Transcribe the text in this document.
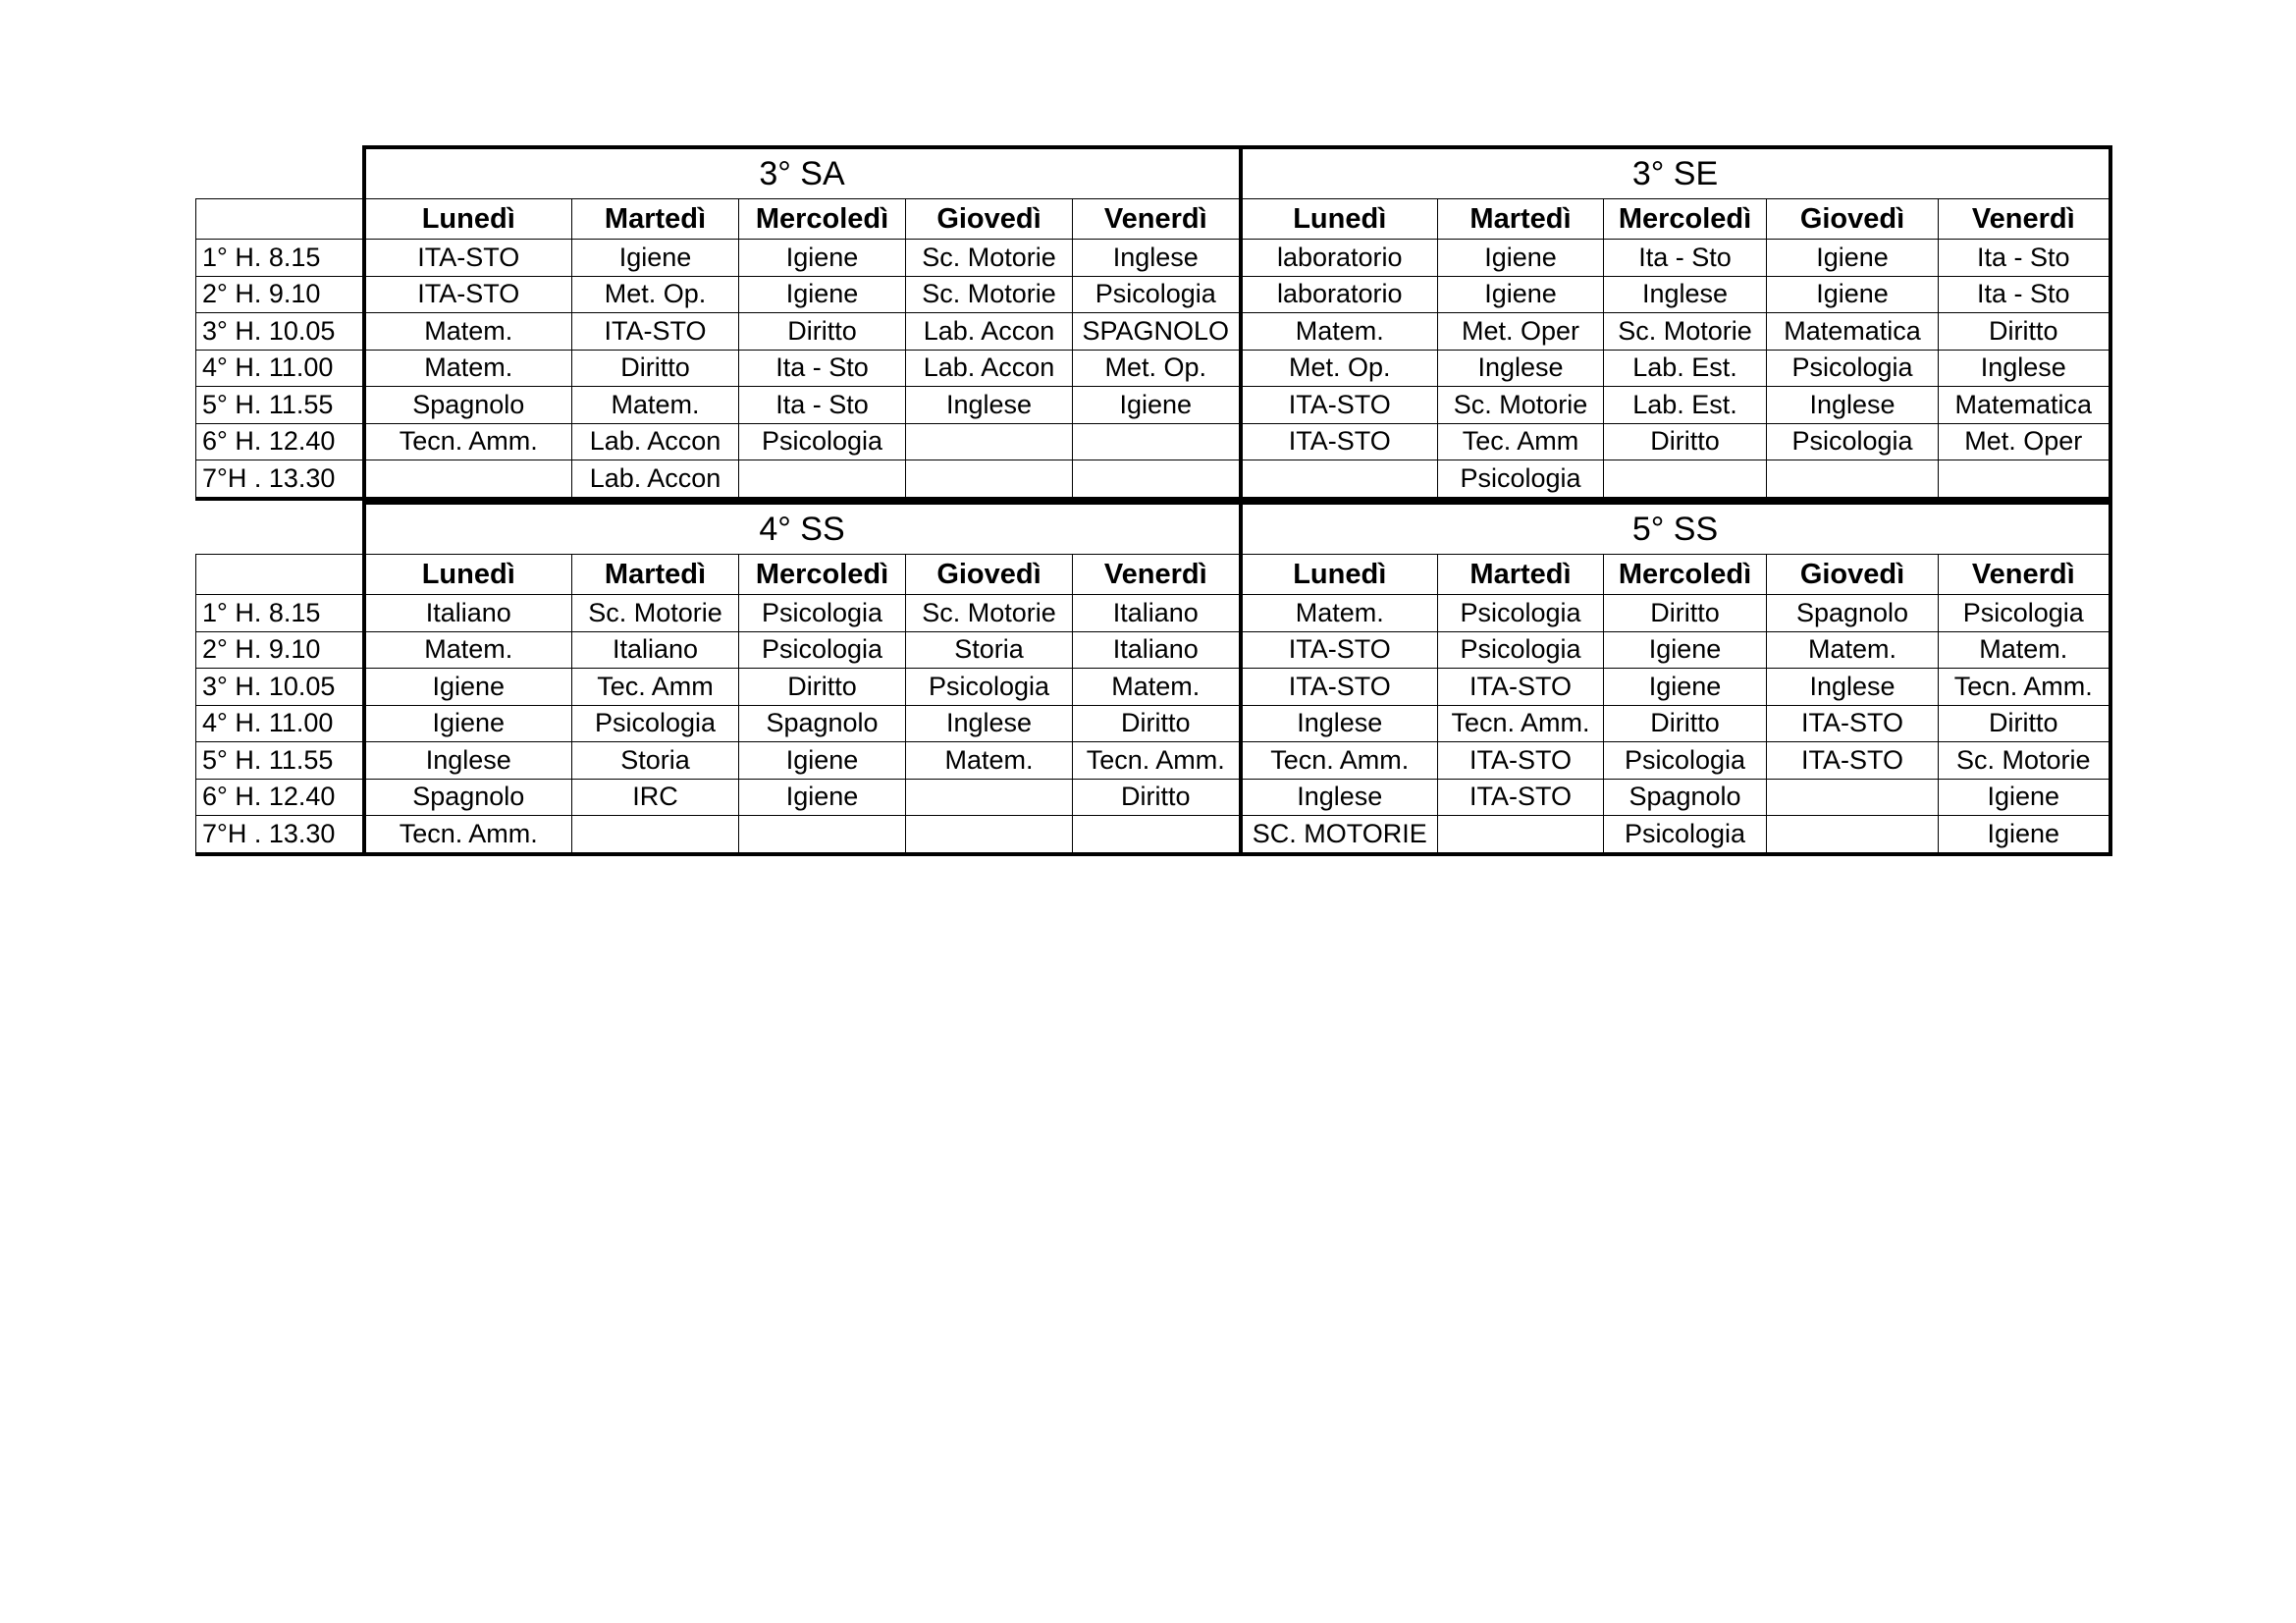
	3° SA					3° SE				
	Lunedì	Martedì	Mercoledì	Giovedì	Venerdì	Lunedì	Martedì	Mercoledì	Giovedì	Venerdì
1° H. 8.15	ITA-STO	Igiene	Igiene	Sc. Motorie	Inglese	laboratorio	Igiene	Ita - Sto	Igiene	Ita - Sto
2° H. 9.10	ITA-STO	Met. Op.	Igiene	Sc. Motorie	Psicologia	laboratorio	Igiene	Inglese	Igiene	Ita - Sto
3° H. 10.05	Matem.	ITA-STO	Diritto	Lab. Accon	SPAGNOLO	Matem.	Met. Oper	Sc. Motorie	Matematica	Diritto
4° H. 11.00	Matem.	Diritto	Ita - Sto	Lab. Accon	Met. Op.	Met. Op.	Inglese	Lab. Est.	Psicologia	Inglese
5° H. 11.55	Spagnolo	Matem.	Ita - Sto	Inglese	Igiene	ITA-STO	Sc. Motorie	Lab. Est.	Inglese	Matematica
6° H. 12.40	Tecn. Amm.	Lab. Accon	Psicologia			ITA-STO	Tec. Amm	Diritto	Psicologia	Met. Oper
7°H . 13.30		Lab. Accon					Psicologia			
	4° SS					5° SS				
	Lunedì	Martedì	Mercoledì	Giovedì	Venerdì	Lunedì	Martedì	Mercoledì	Giovedì	Venerdì
1° H. 8.15	Italiano	Sc. Motorie	Psicologia	Sc. Motorie	Italiano	Matem.	Psicologia	Diritto	Spagnolo	Psicologia
2° H. 9.10	Matem.	Italiano	Psicologia	Storia	Italiano	ITA-STO	Psicologia	Igiene	Matem.	Matem.
3° H. 10.05	Igiene	Tec. Amm	Diritto	Psicologia	Matem.	ITA-STO	ITA-STO	Igiene	Inglese	Tecn. Amm.
4° H. 11.00	Igiene	Psicologia	Spagnolo	Inglese	Diritto	Inglese	Tecn. Amm.	Diritto	ITA-STO	Diritto
5° H. 11.55	Inglese	Storia	Igiene	Matem.	Tecn. Amm.	Tecn. Amm.	ITA-STO	Psicologia	ITA-STO	Sc. Motorie
6° H. 12.40	Spagnolo	IRC	Igiene		Diritto	Inglese	ITA-STO	Spagnolo		Igiene
7°H . 13.30	Tecn. Amm.					SC. MOTORIE		Psicologia		Igiene
